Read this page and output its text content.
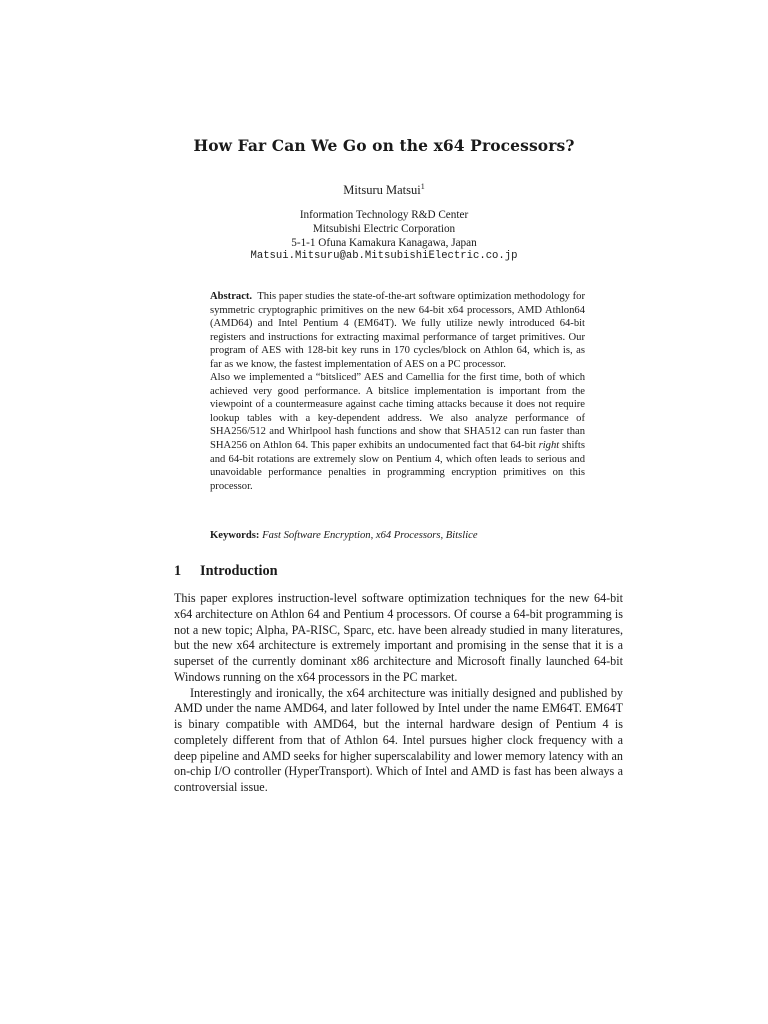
How Far Can We Go on the x64 Processors?
Mitsuru Matsui$^1$
Information Technology R&D Center
Mitsubishi Electric Corporation
5-1-1 Ofuna Kamakura Kanagawa, Japan
Matsui.Mitsuru@ab.MitsubishiElectric.co.jp

Abstract. This paper studies the state-of-the-art software optimization methodology for symmetric cryptographic primitives on the new 64-bit x64 processors, AMD Athlon64 (AMD64) and Intel Pentium 4 (EM64T). We fully utilize newly introduced 64-bit registers and instructions for extracting maximal performance of target primitives. Our program of AES with 128-bit key runs in 170 cycles/block on Athlon 64, which is, as far as we know, the fastest implementation of AES on a PC processor.

Also we implemented a “bitsliced” AES and Camellia for the first time, both of which achieved very good performance. A bitslice implementation is important from the viewpoint of a countermeasure against cache timing attacks because it does not require lookup tables with a key-dependent address. We also analyze performance of SHA256/512 and Whirlpool hash functions and show that SHA512 can run faster than SHA256 on Athlon 64. This paper exhibits an undocumented fact that 64-bit right shifts and 64-bit rotations are extremely slow on Pentium 4, which often leads to serious and unavoidable performance penalties in programming encryption primitives on this processor.

Keywords: Fast Software Encryption, x64 Processors, Bitslice
1 Introduction

This paper explores instruction-level software optimization techniques for the new 64-bit x64 architecture on Athlon 64 and Pentium 4 processors. Of course a 64-bit programming is not a new topic; Alpha, PA-RISC, Sparc, etc. have been already studied in many literatures, but the new x64 architecture is extremely important and promising in the sense that it is a superset of the currently dominant x86 architecture and Microsoft finally launched 64-bit Windows running on the x64 processors in the PC market.

Interestingly and ironically, the x64 architecture was initially designed and published by AMD under the name AMD64, and later followed by Intel under the name EM64T. EM64T is binary compatible with AMD64, but the internal hardware design of Pentium 4 is completely different from that of Athlon 64. Intel pursues higher clock frequency with a deep pipeline and AMD seeks for higher superscalability and lower memory latency with an on-chip I/O controller (HyperTransport). Which of Intel and AMD is fast has been always a controversial issue.
